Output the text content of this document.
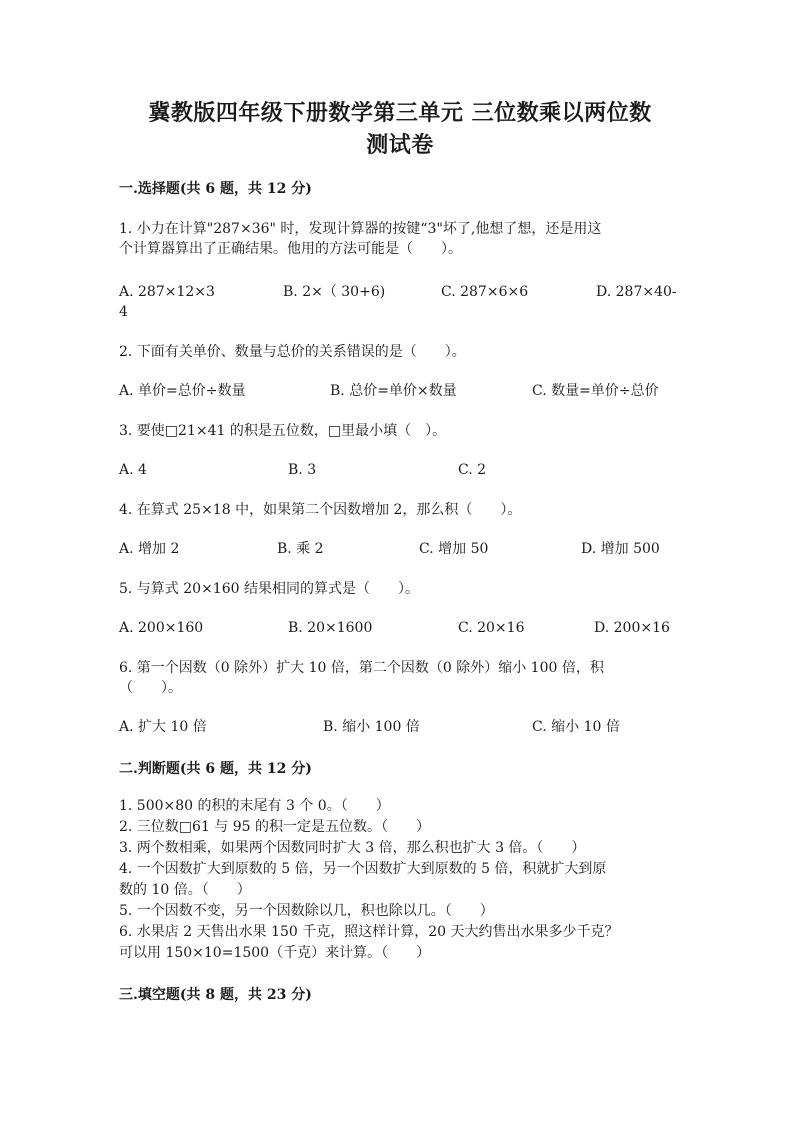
冀教版四年级下册数学第三单元 三位数乘以两位数
测试卷
一.选择题(共 6 题，共 12 分)
1. 小力在计算"287×36" 时，发现计算器的按键“3"坏了,他想了想，还是用这
个计算器算出了正确结果。他用的方法可能是（　　）。
A. 287×12×3	B. 2×（ 30+6)	C. 287×6×6	D. 287×40-
4
2. 下面有关单价、数量与总价的关系错误的是（　　）。
A. 单价=总价÷数量	B. 总价=单价×数量	C. 数量=单价÷总价
3. 要使□21×41 的积是五位数，□里最小填（　）。
A. 4	B. 3	C. 2
4. 在算式 25×18 中，如果第二个因数增加 2，那么积（　　）。
A. 增加 2	B. 乘 2	C. 增加 50	D. 增加 500
5. 与算式 20×160 结果相同的算式是（　　）。
A. 200×160	B. 20×1600	C. 20×16	D. 200×16
6. 第一个因数（0 除外）扩大 10 倍，第二个因数（0 除外）缩小 100 倍，积
（　　）。
A. 扩大 10 倍	B. 缩小 100 倍	C. 缩小 10 倍
二.判断题(共 6 题，共 12 分)
1. 500×80 的积的末尾有 3 个 0。（　　）
2. 三位数□61 与 95 的积一定是五位数。（　　）
3. 两个数相乘，如果两个因数同时扩大 3 倍，那么积也扩大 3 倍。（　　）
4. 一个因数扩大到原数的 5 倍，另一个因数扩大到原数的 5 倍，积就扩大到原
数的 10 倍。（　　）
5. 一个因数不变，另一个因数除以几，积也除以几。（　　）
6. 水果店 2 天售出水果 150 千克，照这样计算，20 天大约售出水果多少千克？
可以用 150×10=1500（千克）来计算。（　　）
三.填空题(共 8 题，共 23 分)
